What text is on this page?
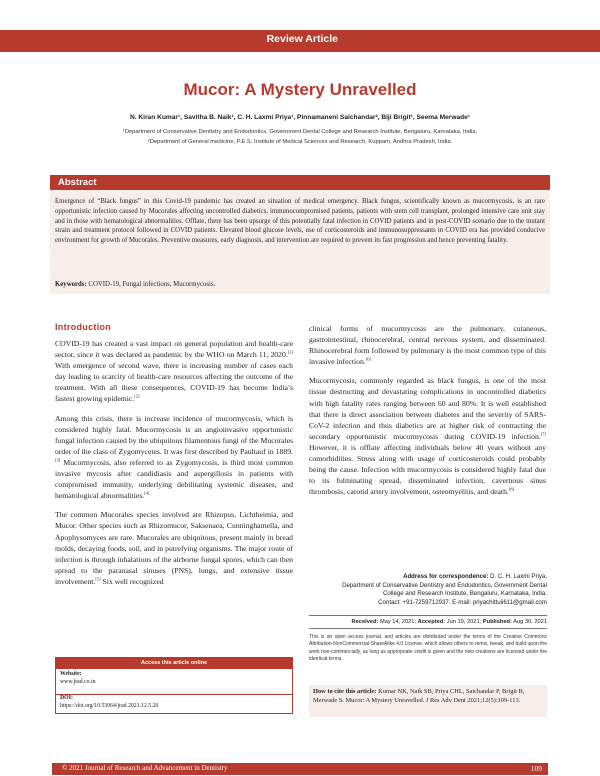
Review Article
Mucor: A Mystery Unravelled
N. Kiran Kumar¹, Savitha B. Naik¹, C. H. Laxmi Priya¹, Pinnamaneni Saichandar², Biji Brigit¹, Seema Merwade¹
¹Department of Conservative Dentistry and Endodontics, Government Dental College and Research Institute, Bengaluru, Karnataka, India,
²Department of General medicine, P.E.S. Institute of Medical Sciences and Research, Kuppam, Andhra Pradesh, India.
Abstract
Emergence of “Black fungus” in this Covid-19 pandemic has created an situation of medical emergency. Black fungus, scientifically known as mucormycosis, is an rare opportunistic infection caused by Mucorales affecting uncontrolled diabetics, immunocompromised patients, patients with stem cell transplant, prolonged intensive care unit stay and in those with hematological abnormalities. Offlate, there has been upsurge of this potentially fatal infection in COVID patients and in post-COVID scenario due to the mutant strain and treatment protocol followed in COVID patients. Elevated blood glucose levels, use of corticosteroids and immunosuppressants in COVID era has provided conducive environment for growth of Mucorales. Preventive measures, early diagnosis, and intervention are required to prevent its fast progression and hence preventing fatality.
Keywords: COVID-19, Fungal infections, Mucormycosis.
Introduction

COVID-19 has created a vast impact on general population and health-care sector, since it was declared as pandemic by the WHO on March 11, 2020.[1] With emergence of second wave, there is increasing number of cases each day leading to scarcity of health-care resources affecting the outcome of the treatment. With all these consequences, COVID-19 has become India’s fastest growing epidemic.[2]

Among this crisis, there is increase incidence of mucormycosis, which is considered highly fatal. Mucormycosis is an angioinvasive opportunistic fungal infection caused by the ubiquitous filamentous fungi of the Mucorales order of the class of Zygomycetes. It was first described by Paultauf in 1889.[3] Mucormycosis, also referred to as Zygomycosis, is third most common invasive mycosis after candidiasis and aspergillosis in patients with compromised immunity, underlying debilitating systemic diseases, and hematological abnormalities.[4]

The common Mucorales species involved are Rhizopus, Lichtheimia, and Mucor. Other species such as Rhizomucor, Saksenaea, Cunninghamella, and Apophysomyces are rare. Mucorales are ubiquitous, present mainly in bread molds, decaying foods, soil, and in putrefying organisms. The major route of infection is through inhalations of the airborne fungal spores, which can then spread to the paranasal sinuses (PNS), lungs, and extensive tissue involvement.[5] Six well recognized

clinical forms of mucormycosis are the pulmonary, cutaneous, gastrointestinal, rhinocerebral, central nervous system, and disseminated. Rhinocerebral form followed by pulmonary is the most common type of this invasive infection.[6]

Mucormycosis, commonly regarded as black fungus, is one of the most tissue destructing and devastating complications in uncontrolled diabetics with high fatality rates ranging between 60 and 80%. It is well established that there is direct association between diabetes and the severity of SARS-CoV-2 infection and thus diabetics are at higher risk of contracting the secondary opportunistic mucormycosis during COVID-19 infection.[7] However, it is offlate affecting individuals below 40 years without any comorbidities. Stress along with usage of corticosteroids could probably being the cause. Infection with mucormycosis is considered highly fatal due to its fulminating spread, disseminated infection, cavernous sinus thrombosis, carotid artery involvement, osteomyelitis, and death.[8]

Access this article online
Website:
www.jrad.co.in
DOI:
https://doi.org/10.53064/jrad.2021.12.5.26
Address for correspondence: D. C. H. Laxmi Priya,
Department of Conservative Dentistry and Endodontics, Government Dental
College and Research Institute, Bengaluru, Karnataka, India.
Contact: +91-7259712937. E-mail: priyachittuii611@gmail.com
Received: May 14, 2021; Accepted: Jun 19, 2021; Published: Aug 30, 2021
This is an open access journal, and articles are distributed under the terms of the Creative Commons Attribution-NonCommercial-ShareAlike 4.0 License, which allows others to remix, tweak, and build upon the work non-commercially, as long as appropriate credit is given and the new creations are licensed under the identical terms.
How to cite this article: Kumar NK, Naik SB, Priya CHL, Saichandar P, Brigit B, Merwade S. Mucor: A Mystery Unravelled. J Res Adv Dent 2021;12(5):109-113.
© 2021 Journal of Research and Advancement in Dentistry	109
